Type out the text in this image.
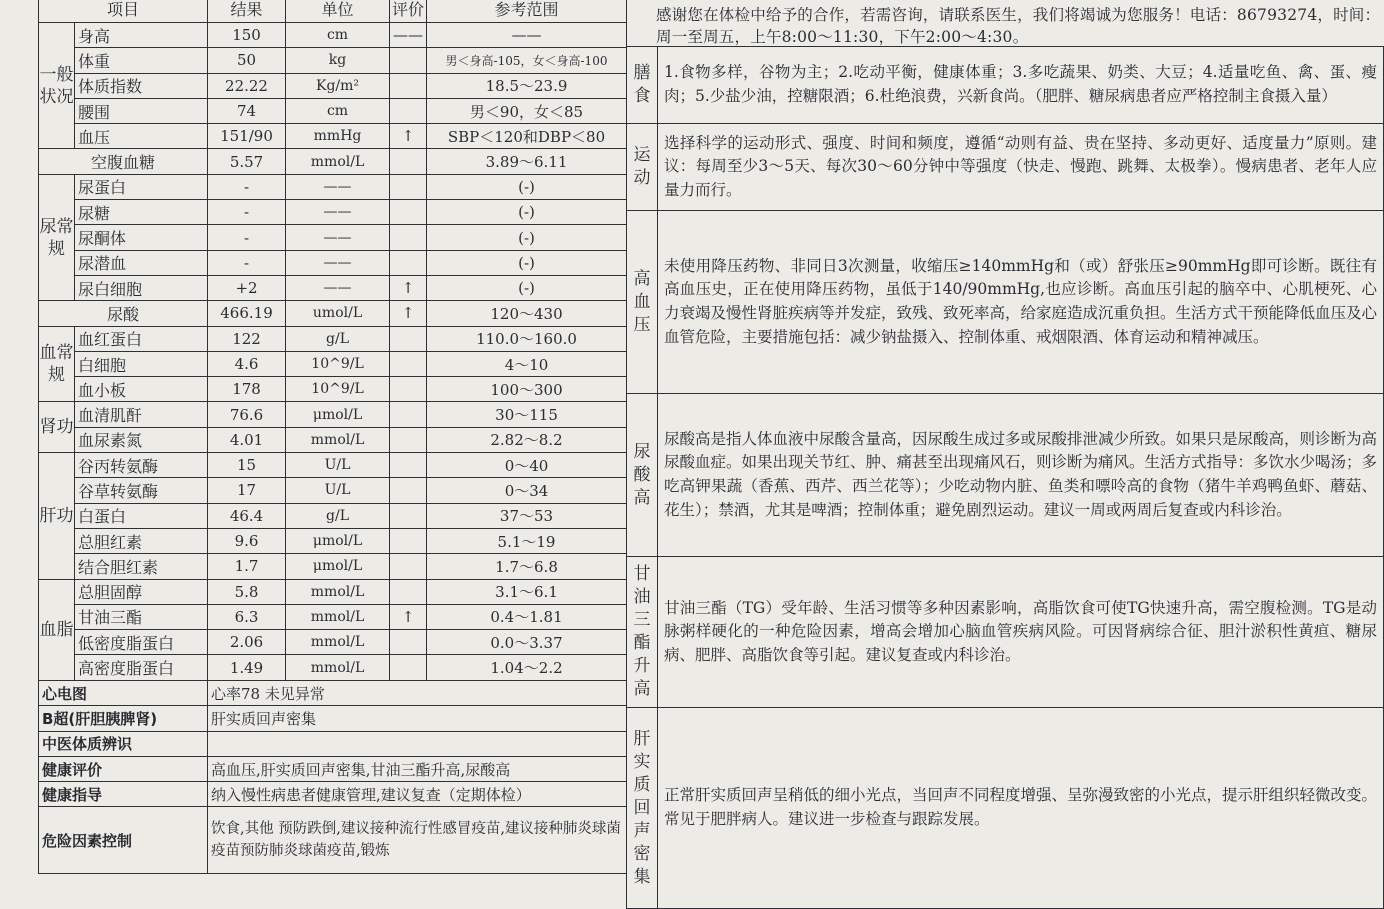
项目		结果	单位	评价	参考范围
一般状况	身高	150	cm	——	——
	体重	50	kg		男＜身高-105，女＜身高-100
	体质指数	22.22	Kg/m²		18.5～23.9
	腰围	74	cm		男＜90，女＜85
	血压	151/90	mmHg	↑	SBP＜120和DBP＜80
空腹血糖		5.57	mmol/L		3.89～6.11
尿常规	尿蛋白	-	——		(-)
	尿糖	-	——		(-)
	尿酮体	-	——		(-)
	尿潜血	-	——		(-)
	尿白细胞	+2	——	↑	(-)
尿酸		466.19	umol/L	↑	120～430
血常规	血红蛋白	122	g/L		110.0～160.0
	白细胞	4.6	10^9/L		4～10
	血小板	178	10^9/L		100～300
肾功	血清肌酐	76.6	μmol/L		30～115
	血尿素氮	4.01	mmol/L		2.82～8.2
肝功	谷丙转氨酶	15	U/L		0～40
	谷草转氨酶	17	U/L		0～34
	白蛋白	46.4	g/L		37～53
	总胆红素	9.6	μmol/L		5.1～19
	结合胆红素	1.7	μmol/L		1.7～6.8
血脂	总胆固醇	5.8	mmol/L		3.1～6.1
	甘油三酯	6.3	mmol/L	↑	0.4～1.81
	低密度脂蛋白	2.06	mmol/L		0.0～3.37
	高密度脂蛋白	1.49	mmol/L		1.04～2.2
心电图	心率78 未见异常
B超(肝胆胰脾肾)	肝实质回声密集
中医体质辨识	
健康评价	高血压,肝实质回声密集,甘油三酯升高,尿酸高
健康指导	纳入慢性病患者健康管理,建议复查（定期体检）
危险因素控制	饮食,其他 预防跌倒,建议接种流行性感冒疫苗,建议接种肺炎球菌疫苗预防肺炎球菌疫苗,锻炼
感谢您在体检中给予的合作，若需咨询，请联系医生，我们将竭诚为您服务！电话：86793274，时间：周一至周五，上午8:00～11:30，下午2:00～4:30。
膳食	1.食物多样，谷物为主；2.吃动平衡，健康体重；3.多吃蔬果、奶类、大豆；4.适量吃鱼、禽、蛋、瘦肉；5.少盐少油，控糖限酒；6.杜绝浪费，兴新食尚。（肥胖、糖尿病患者应严格控制主食摄入量）
运动	选择科学的运动形式、强度、时间和频度，遵循“动则有益、贵在坚持、多动更好、适度量力”原则。建议：每周至少3～5天、每次30～60分钟中等强度（快走、慢跑、跳舞、太极拳）。慢病患者、老年人应量力而行。
高血压	未使用降压药物、非同日3次测量，收缩压≥140mmHg和（或）舒张压≥90mmHg即可诊断。既往有高血压史，正在使用降压药物，虽低于140/90mmHg,也应诊断。高血压引起的脑卒中、心肌梗死、心力衰竭及慢性肾脏疾病等并发症，致残、致死率高，给家庭造成沉重负担。生活方式干预能降低血压及心血管危险，主要措施包括：减少钠盐摄入、控制体重、戒烟限酒、体育运动和精神减压。
尿酸高	尿酸高是指人体血液中尿酸含量高，因尿酸生成过多或尿酸排泄减少所致。如果只是尿酸高，则诊断为高尿酸血症。如果出现关节红、肿、痛甚至出现痛风石，则诊断为痛风。生活方式指导：多饮水少喝汤；多吃高钾果蔬（香蕉、西芹、西兰花等）；少吃动物内脏、鱼类和嘌呤高的食物（猪牛羊鸡鸭鱼虾、蘑菇、花生）；禁酒，尤其是啤酒；控制体重；避免剧烈运动。建议一周或两周后复查或内科诊治。
甘油三酯升高	甘油三酯（TG）受年龄、生活习惯等多种因素影响，高脂饮食可使TG快速升高，需空腹检测。TG是动脉粥样硬化的一种危险因素，增高会增加心脑血管疾病风险。可因肾病综合征、胆汁淤积性黄疸、糖尿病、肥胖、高脂饮食等引起。建议复查或内科诊治。
肝实质回声密集	正常肝实质回声呈稍低的细小光点，当回声不同程度增强、呈弥漫致密的小光点，提示肝组织轻微改变。常见于肥胖病人。建议进一步检查与跟踪发展。
